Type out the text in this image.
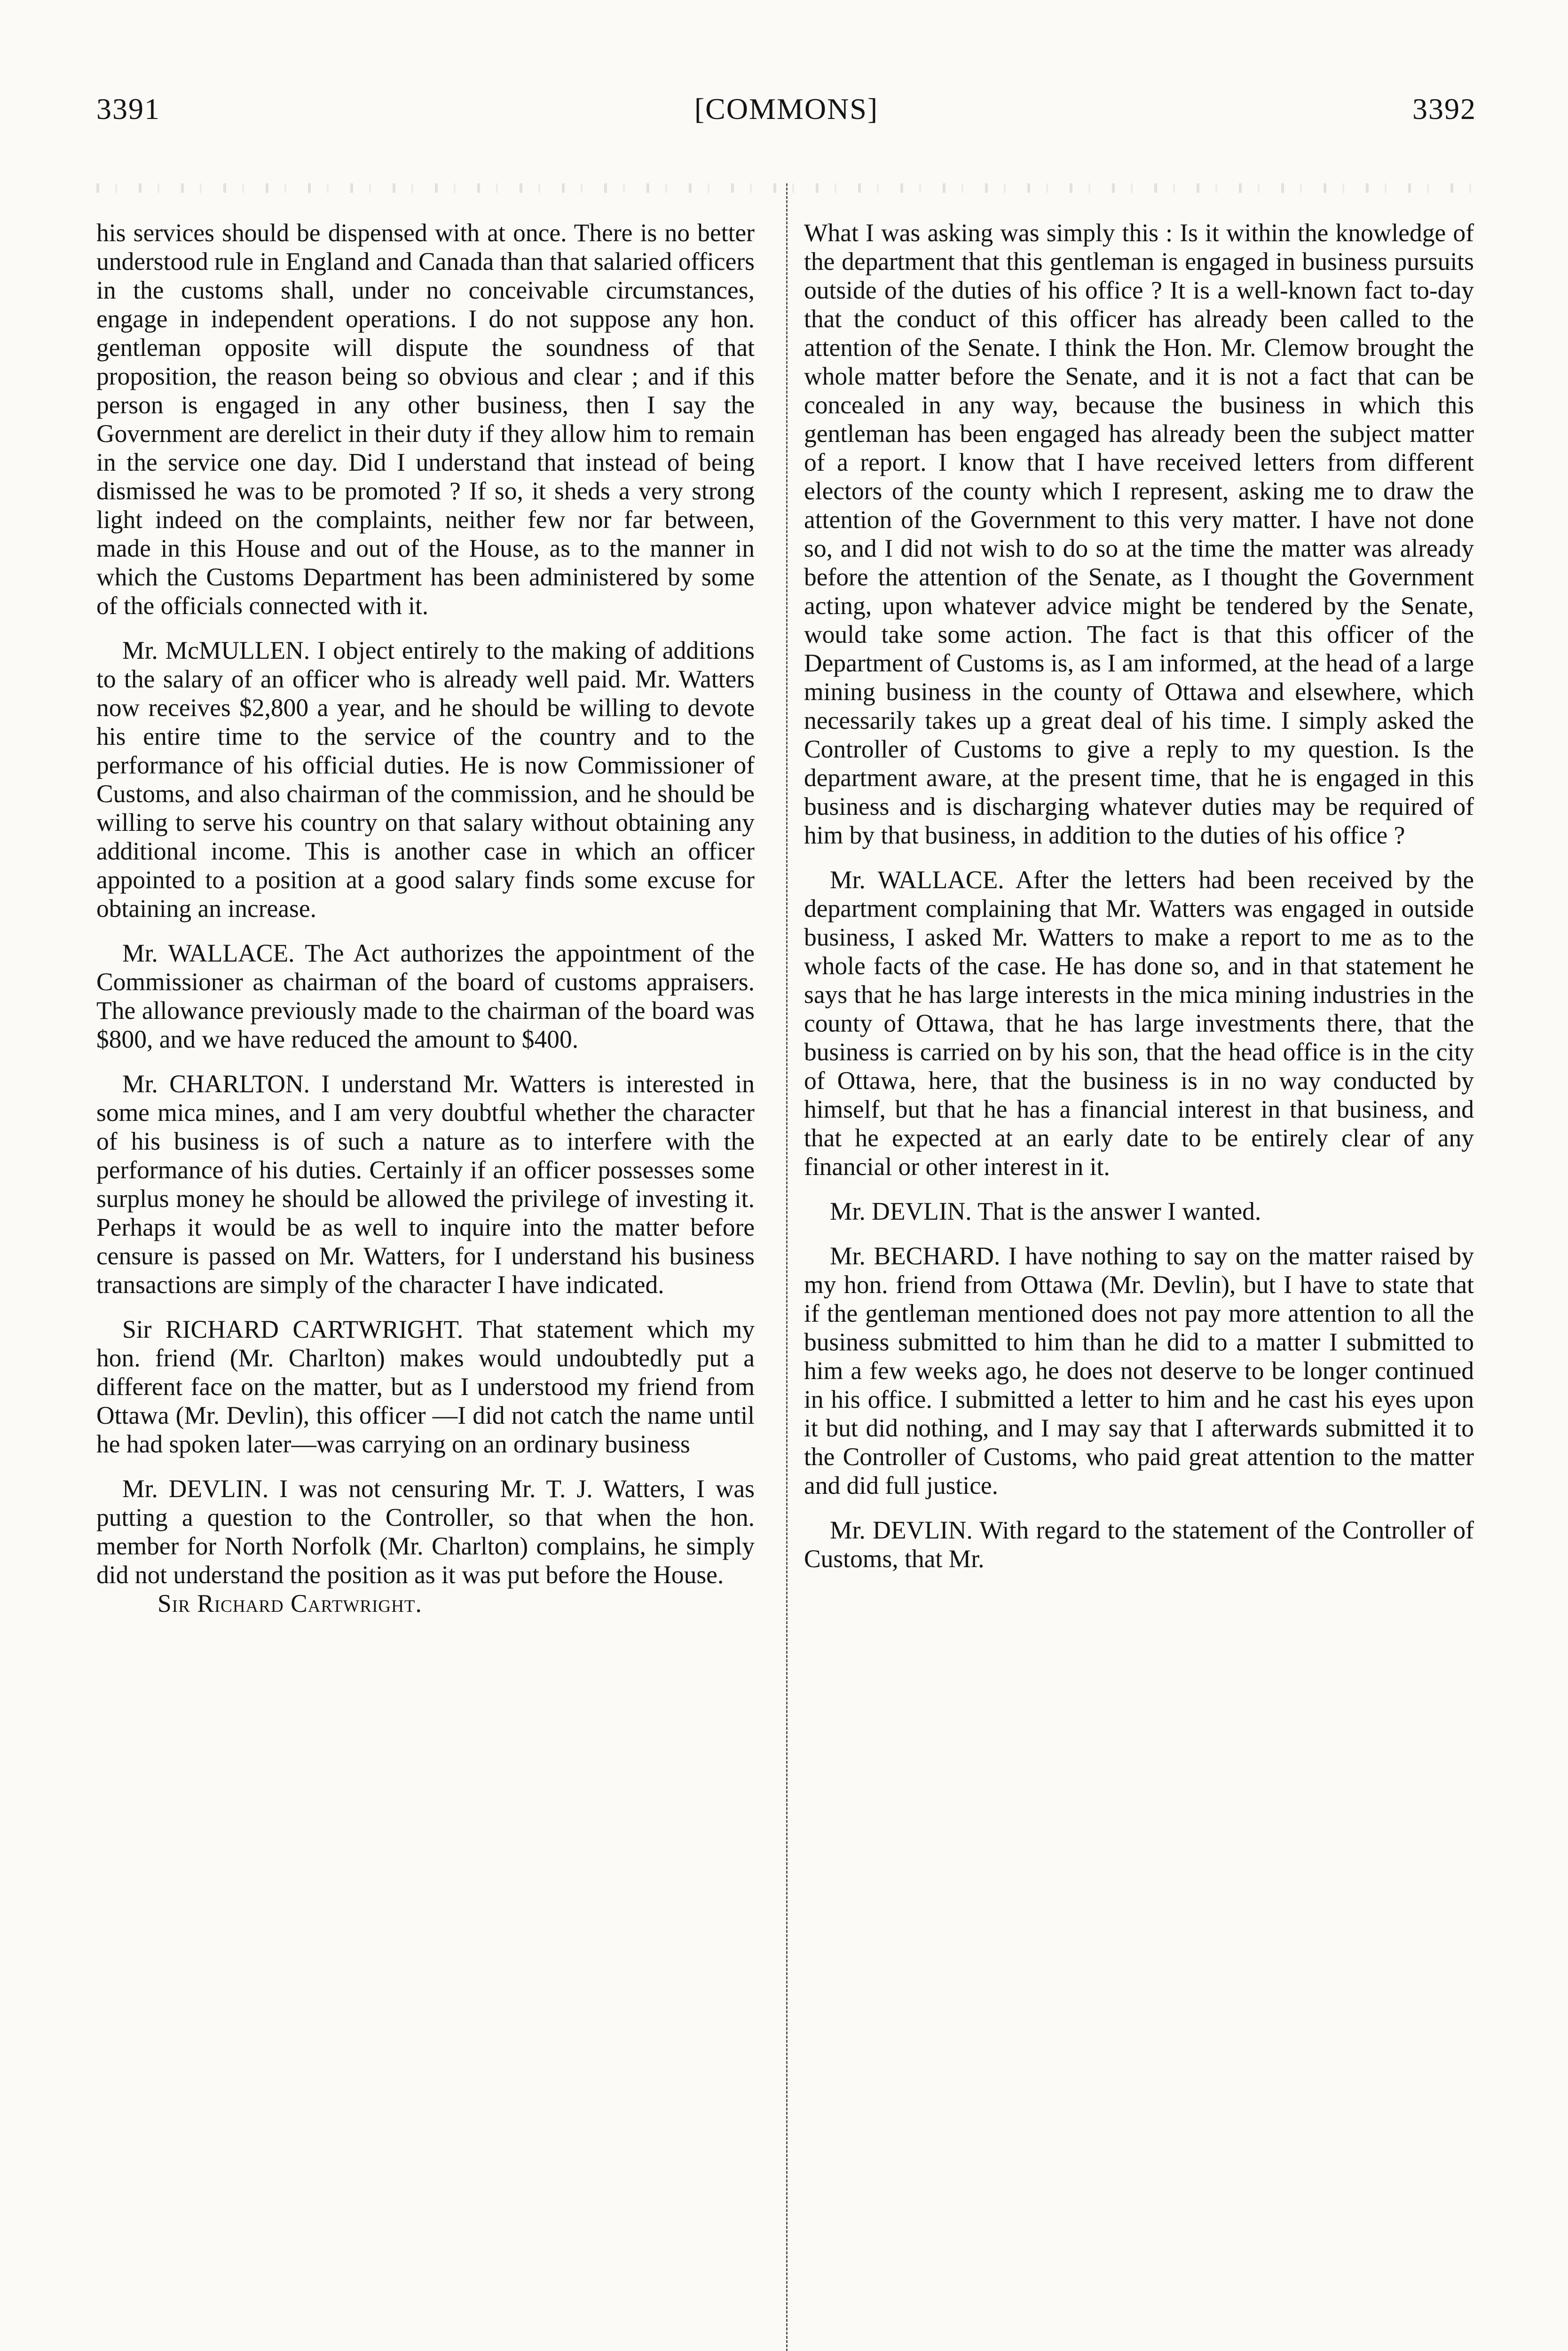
3391	[COMMONS]	3392

his services should be dispensed with at once. There is no better understood rule in England and Canada than that salaried officers in the customs shall, under no conceivable circumstances, engage in independent operations. I do not suppose any hon. gentleman opposite will dispute the soundness of that proposition, the reason being so obvious and clear ; and if this person is engaged in any other business, then I say the Government are derelict in their duty if they allow him to remain in the service one day. Did I understand that instead of being dismissed he was to be promoted ? If so, it sheds a very strong light indeed on the complaints, neither few nor far between, made in this House and out of the House, as to the manner in which the Customs Department has been administered by some of the officials connected with it.

Mr. McMULLEN. I object entirely to the making of additions to the salary of an officer who is already well paid. Mr. Watters now receives $2,800 a year, and he should be willing to devote his entire time to the service of the country and to the performance of his official duties. He is now Commissioner of Customs, and also chairman of the commission, and he should be willing to serve his country on that salary without obtaining any additional income. This is another case in which an officer appointed to a position at a good salary finds some excuse for obtaining an increase.

Mr. WALLACE. The Act authorizes the appointment of the Commissioner as chairman of the board of customs appraisers. The allowance previously made to the chairman of the board was $800, and we have reduced the amount to $400.

Mr. CHARLTON. I understand Mr. Watters is interested in some mica mines, and I am very doubtful whether the character of his business is of such a nature as to interfere with the performance of his duties. Certainly if an officer possesses some surplus money he should be allowed the privilege of investing it. Perhaps it would be as well to inquire into the matter before censure is passed on Mr. Watters, for I understand his business transactions are simply of the character I have indicated.

Sir RICHARD CARTWRIGHT. That statement which my hon. friend (Mr. Charlton) makes would undoubtedly put a different face on the matter, but as I understood my friend from Ottawa (Mr. Devlin), this officer —I did not catch the name until he had spoken later—was carrying on an ordinary business

Mr. DEVLIN. I was not censuring Mr. T. J. Watters, I was putting a question to the Controller, so that when the hon. member for North Norfolk (Mr. Charlton) complains, he simply did not understand the position as it was put before the House.

Sir Richard Cartwright.

What I was asking was simply this : Is it within the knowledge of the department that this gentleman is engaged in business pursuits outside of the duties of his office ? It is a well-known fact to-day that the conduct of this officer has already been called to the attention of the Senate. I think the Hon. Mr. Clemow brought the whole matter before the Senate, and it is not a fact that can be concealed in any way, because the business in which this gentleman has been engaged has already been the subject matter of a report. I know that I have received letters from different electors of the county which I represent, asking me to draw the attention of the Government to this very matter. I have not done so, and I did not wish to do so at the time the matter was already before the attention of the Senate, as I thought the Government acting, upon whatever advice might be tendered by the Senate, would take some action. The fact is that this officer of the Department of Customs is, as I am informed, at the head of a large mining business in the county of Ottawa and elsewhere, which necessarily takes up a great deal of his time. I simply asked the Controller of Customs to give a reply to my question. Is the department aware, at the present time, that he is engaged in this business and is discharging whatever duties may be required of him by that business, in addition to the duties of his office ?

Mr. WALLACE. After the letters had been received by the department complaining that Mr. Watters was engaged in outside business, I asked Mr. Watters to make a report to me as to the whole facts of the case. He has done so, and in that statement he says that he has large interests in the mica mining industries in the county of Ottawa, that he has large investments there, that the business is carried on by his son, that the head office is in the city of Ottawa, here, that the business is in no way conducted by himself, but that he has a financial interest in that business, and that he expected at an early date to be entirely clear of any financial or other interest in it.

Mr. DEVLIN. That is the answer I wanted.

Mr. BECHARD. I have nothing to say on the matter raised by my hon. friend from Ottawa (Mr. Devlin), but I have to state that if the gentleman mentioned does not pay more attention to all the business submitted to him than he did to a matter I submitted to him a few weeks ago, he does not deserve to be longer continued in his office. I submitted a letter to him and he cast his eyes upon it but did nothing, and I may say that I afterwards submitted it to the Controller of Customs, who paid great attention to the matter and did full justice.

Mr. DEVLIN. With regard to the statement of the Controller of Customs, that Mr.
